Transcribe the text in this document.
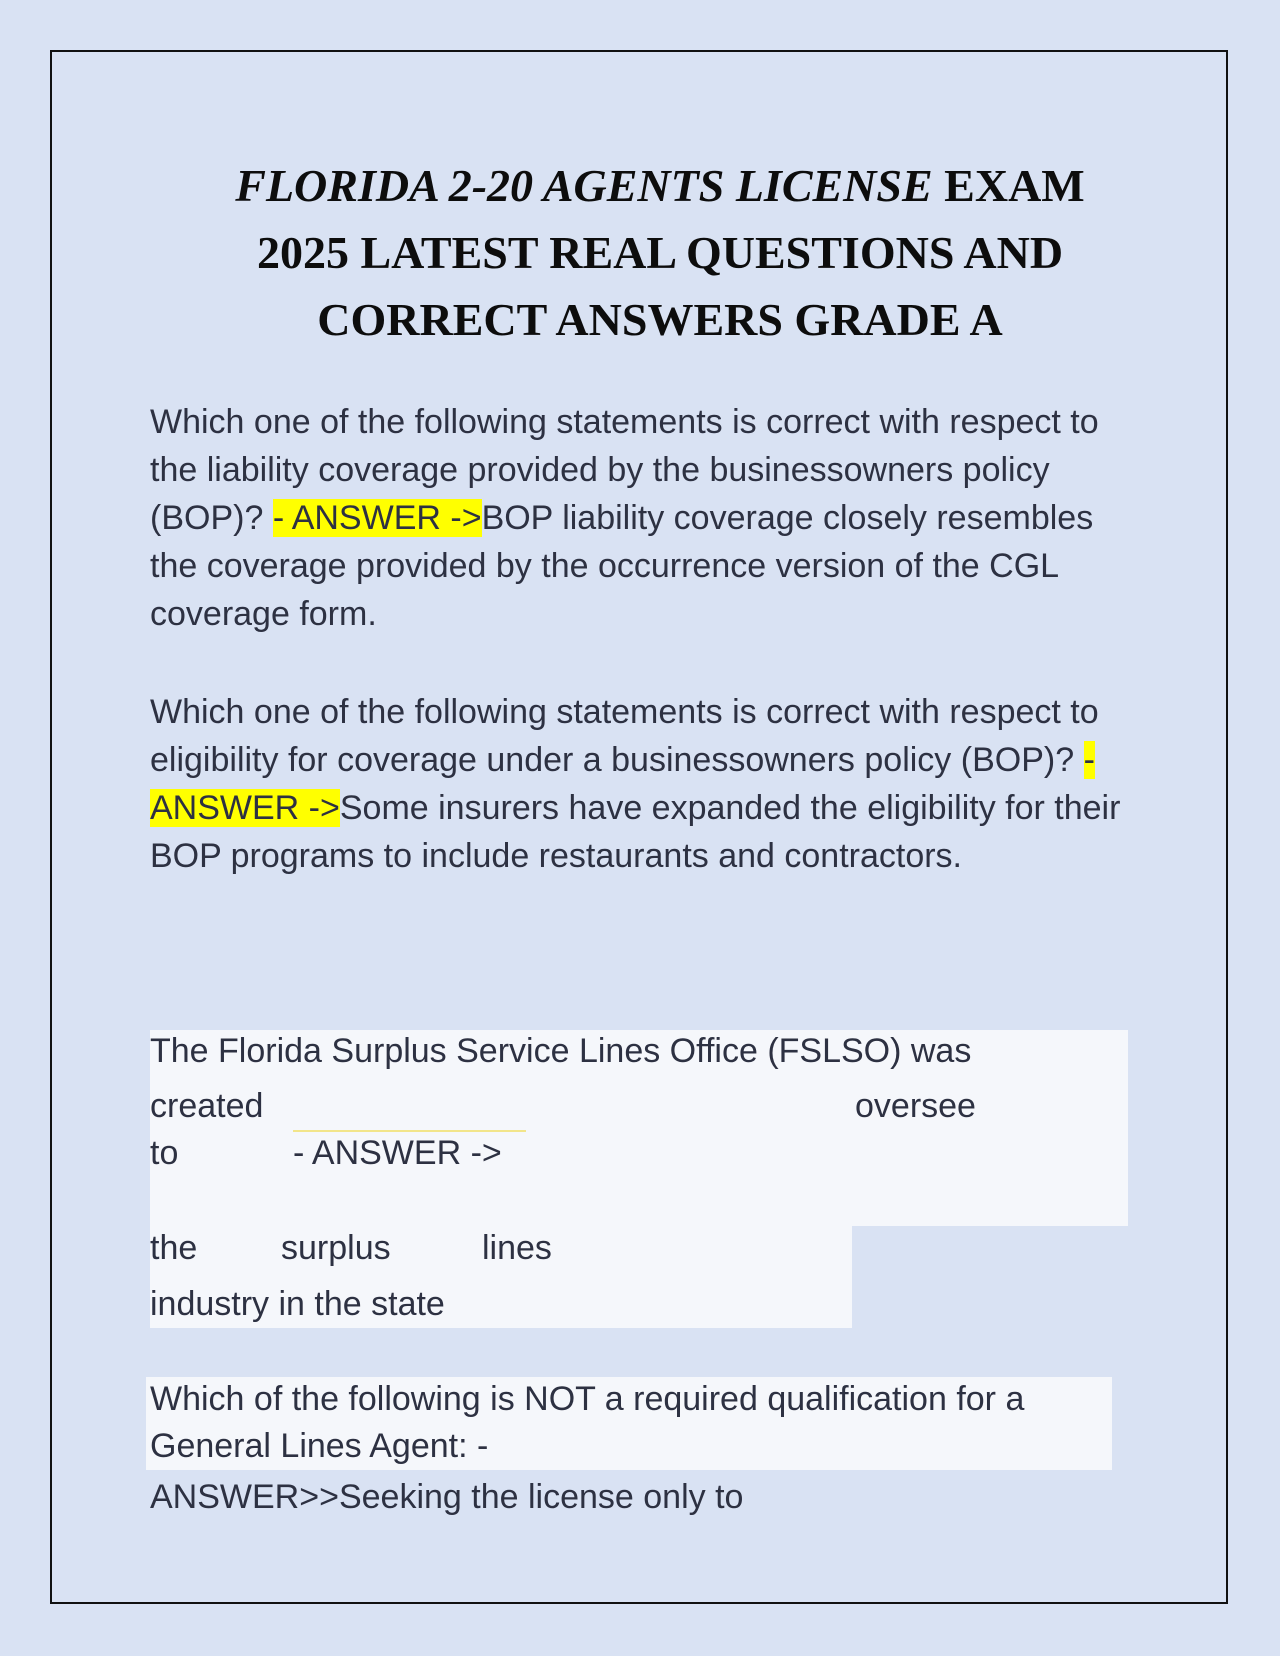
FLORIDA 2-20 AGENTS LICENSE EXAM
2025 LATEST REAL QUESTIONS AND
CORRECT ANSWERS GRADE A

Which one of the following statements is correct with respect to the liability coverage provided by the businessowners policy (BOP)? - ANSWER ->BOP liability coverage closely resembles the coverage provided by the occurrence version of the CGL coverage form.

Which one of the following statements is correct with respect to eligibility for coverage under a businessowners policy (BOP)? - ANSWER ->Some insurers have expanded the eligibility for their BOP programs to include restaurants and contractors.

The Florida Surplus Service Lines Office (FSLSO) was
created	oversee
to	- ANSWER ->
the surplus	lines
industry in the state
Which of the following is NOT a required qualification for a
General Lines Agent: -
ANSWER>>Seeking the license only to
